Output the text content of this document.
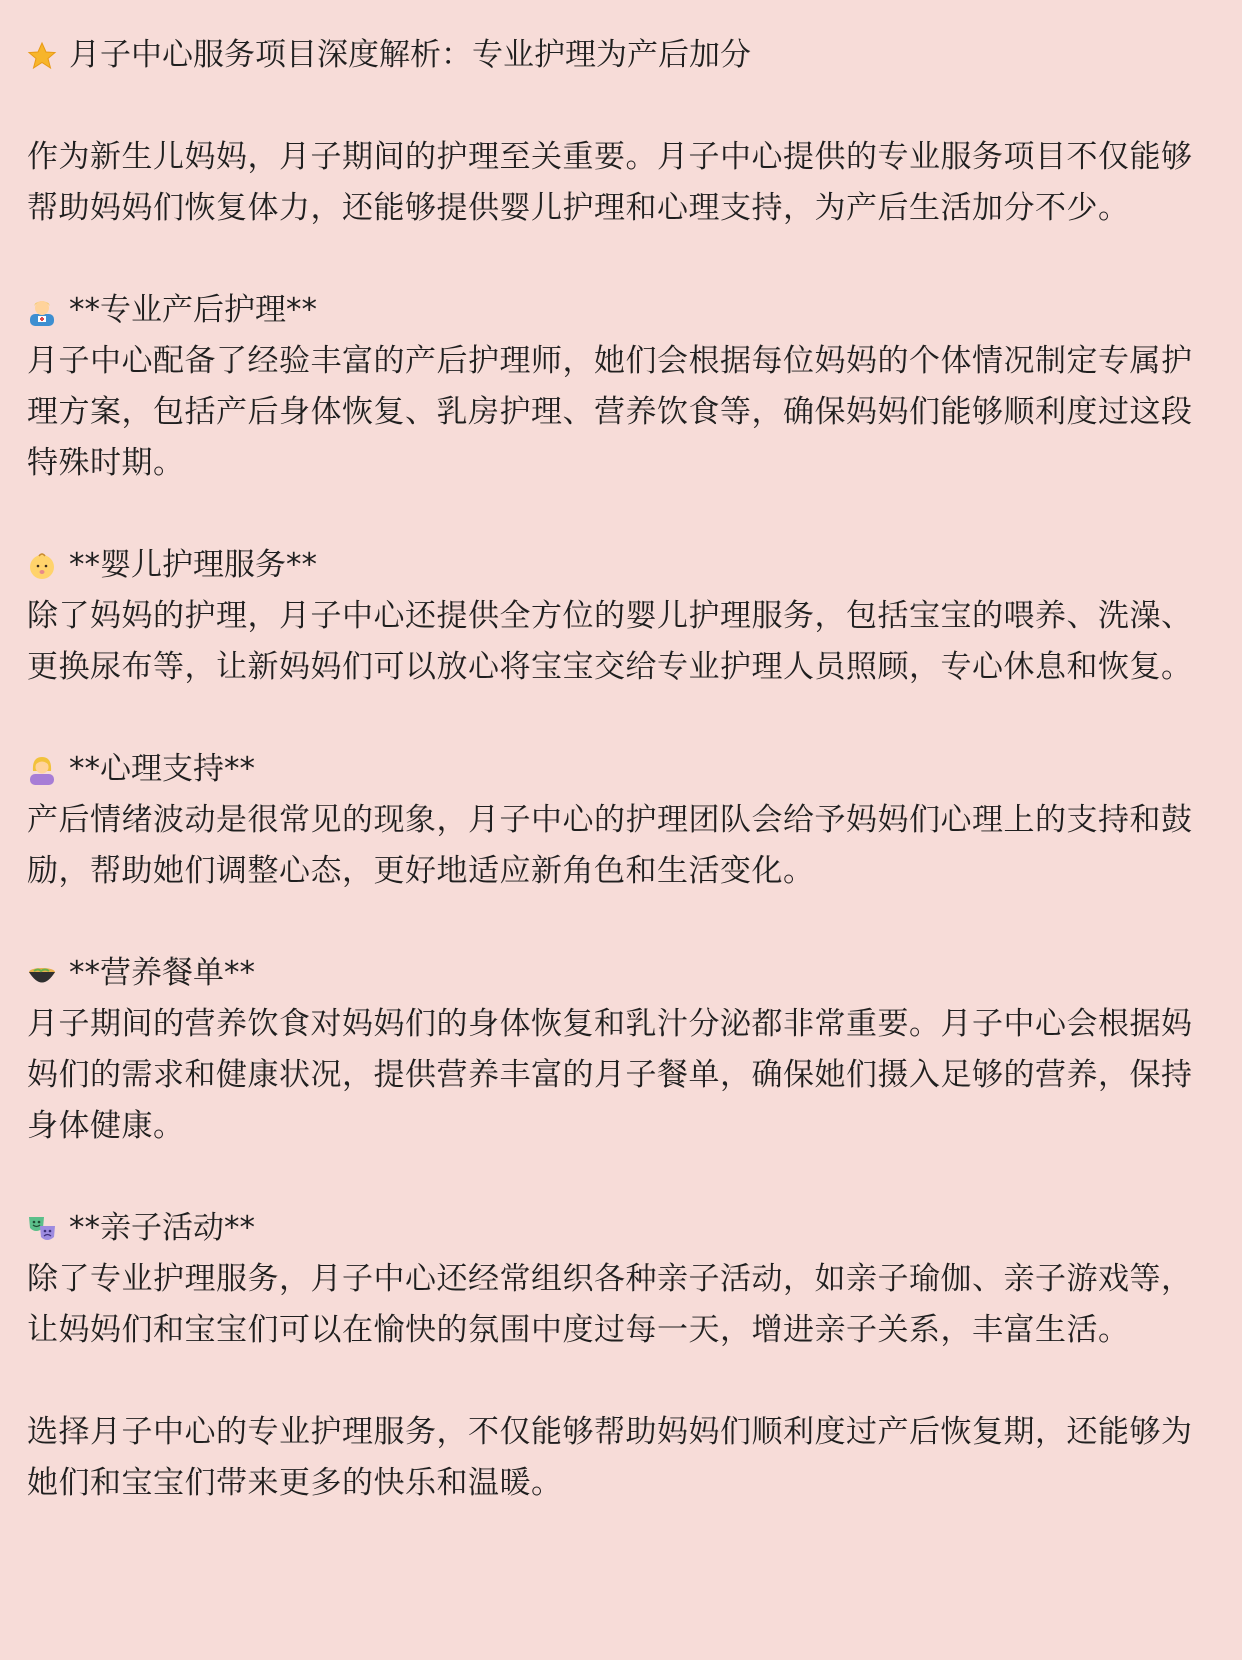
月子中心服务项目深度解析：专业护理为产后加分
作为新生儿妈妈，月子期间的护理至关重要。月子中心提供的专业服务项目不仅能够帮助妈妈们恢复体力，还能够提供婴儿护理和心理支持，为产后生活加分不少。
**专业产后护理**
月子中心配备了经验丰富的产后护理师，她们会根据每位妈妈的个体情况制定专属护理方案，包括产后身体恢复、乳房护理、营养饮食等，确保妈妈们能够顺利度过这段特殊时期。
**婴儿护理服务**
除了妈妈的护理，月子中心还提供全方位的婴儿护理服务，包括宝宝的喂养、洗澡、更换尿布等，让新妈妈们可以放心将宝宝交给专业护理人员照顾，专心休息和恢复。
**心理支持**
产后情绪波动是很常见的现象，月子中心的护理团队会给予妈妈们心理上的支持和鼓励，帮助她们调整心态，更好地适应新角色和生活变化。
**营养餐单**
月子期间的营养饮食对妈妈们的身体恢复和乳汁分泌都非常重要。月子中心会根据妈妈们的需求和健康状况，提供营养丰富的月子餐单，确保她们摄入足够的营养，保持身体健康。
**亲子活动**
除了专业护理服务，月子中心还经常组织各种亲子活动，如亲子瑜伽、亲子游戏等，让妈妈们和宝宝们可以在愉快的氛围中度过每一天，增进亲子关系，丰富生活。
选择月子中心的专业护理服务，不仅能够帮助妈妈们顺利度过产后恢复期，还能够为她们和宝宝们带来更多的快乐和温暖。
